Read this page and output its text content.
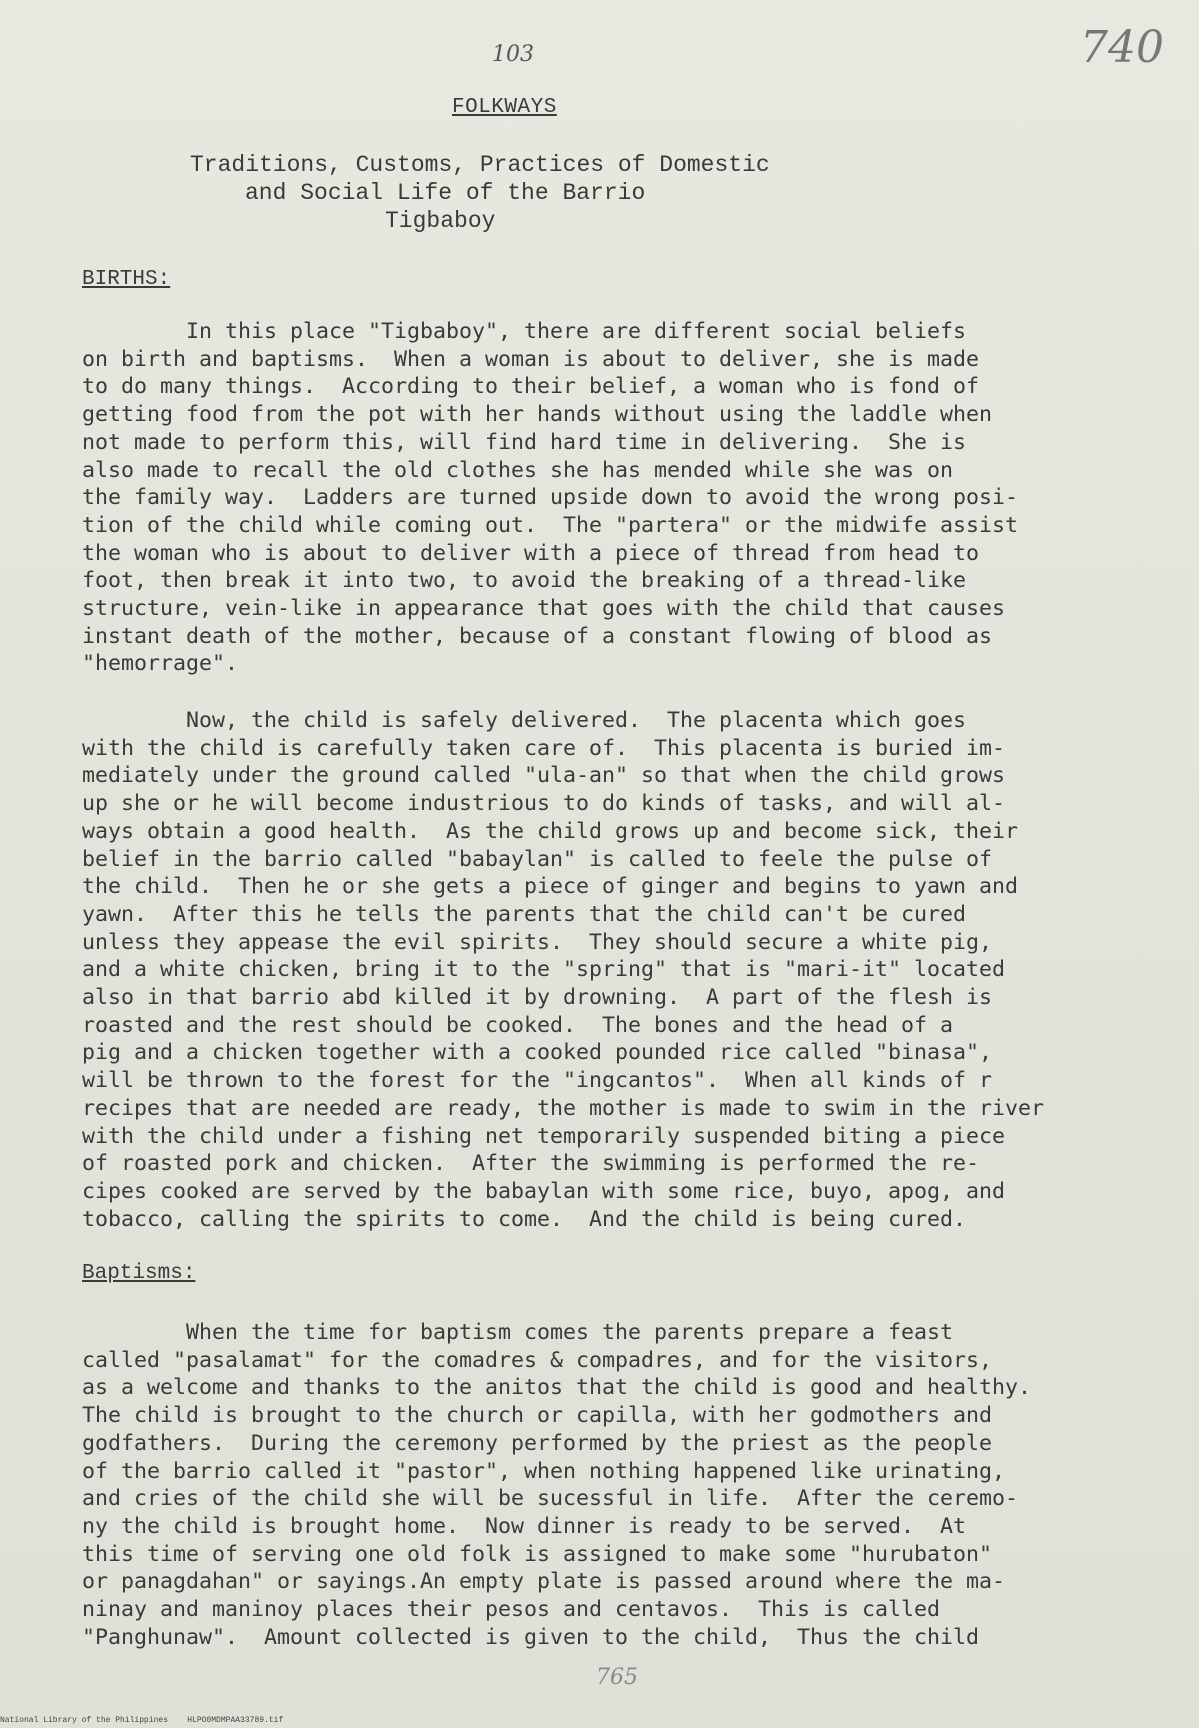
103	740
FOLKWAYS
Traditions, Customs, Practices of Domestic
and Social Life of the Barrio
Tigbaboy
BIRTHS:
In this place "Tigbaboy", there are different social beliefs
on birth and baptisms.  When a woman is about to deliver, she is made
to do many things.  According to their belief, a woman who is fond of
getting food from the pot with her hands without using the laddle when
not made to perform this, will find hard time in delivering.  She is
also made to recall the old clothes she has mended while she was on
the family way.  Ladders are turned upside down to avoid the wrong posi-
tion of the child while coming out.  The "partera" or the midwife assist
the woman who is about to deliver with a piece of thread from head to
foot, then break it into two, to avoid the breaking of a thread-like
structure, vein-like in appearance that goes with the child that causes
instant death of the mother, because of a constant flowing of blood as
"hemorrage".
Now, the child is safely delivered.  The placenta which goes
with the child is carefully taken care of.  This placenta is buried im-
mediately under the ground called "ula-an" so that when the child grows
up she or he will become industrious to do kinds of tasks, and will al-
ways obtain a good health.  As the child grows up and become sick, their
belief in the barrio called "babaylan" is called to feele the pulse of
the child.  Then he or she gets a piece of ginger and begins to yawn and
yawn.  After this he tells the parents that the child can't be cured
unless they appease the evil spirits.  They should secure a white pig,
and a white chicken, bring it to the "spring" that is "mari-it" located
also in that barrio abd killed it by drowning.  A part of the flesh is
roasted and the rest should be cooked.  The bones and the head of a
pig and a chicken together with a cooked pounded rice called "binasa",
will be thrown to the forest for the "ingcantos".  When all kinds of r
recipes that are needed are ready, the mother is made to swim in the river
with the child under a fishing net temporarily suspended biting a piece
of roasted pork and chicken.  After the swimming is performed the re-
cipes cooked are served by the babaylan with some rice, buyo, apog, and
tobacco, calling the spirits to come.  And the child is being cured.
Baptisms:
When the time for baptism comes the parents prepare a feast
called "pasalamat" for the comadres & compadres, and for the visitors,
as a welcome and thanks to the anitos that the child is good and healthy.
The child is brought to the church or capilla, with her godmothers and
godfathers.  During the ceremony performed by the priest as the people
of the barrio called it "pastor", when nothing happened like urinating,
and cries of the child she will be sucessful in life.  After the ceremo-
ny the child is brought home.  Now dinner is ready to be served.  At
this time of serving one old folk is assigned to make some "hurubaton"
or panagdahan" or sayings.An empty plate is passed around where the ma-
ninay and maninoy places their pesos and centavos.  This is called
"Panghunaw".  Amount collected is given to the child,  Thus the child
765
National Library of the Philippines    HLPO0MDMPAA33789.tif
